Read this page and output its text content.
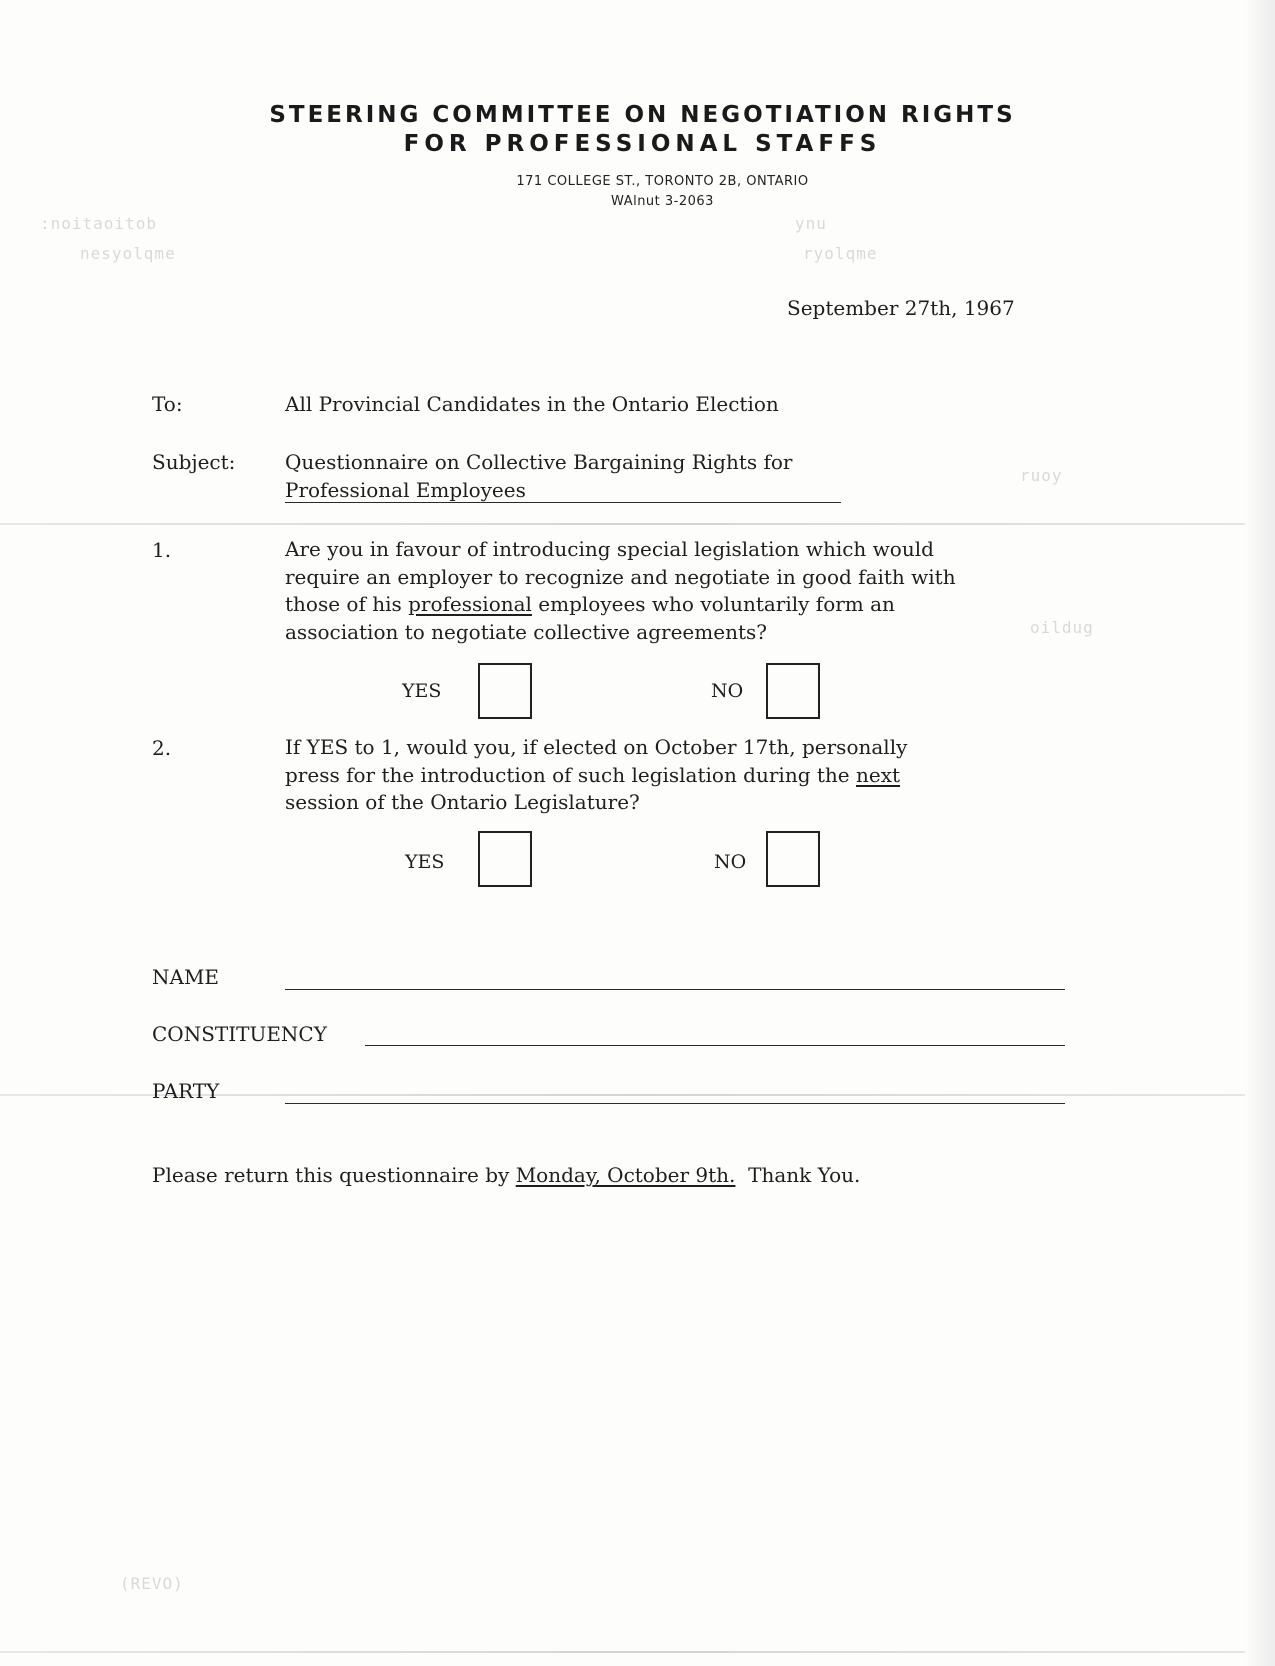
:noitaoitob                                                            ynu
nesyolqme                                                           ryolqme
ruoy
oildug
(REVO)
STEERING COMMITTEE ON NEGOTIATION RIGHTS
FOR PROFESSIONAL STAFFS
171 COLLEGE ST., TORONTO 2B, ONTARIO
WAlnut 3-2063
September 27th, 1967
To:	All Provincial Candidates in the Ontario Election
Subject: Questionnaire on Collective Bargaining Rights for
Professional Employees
1.	Are you in favour of introducing special legislation which would
require an employer to recognize and negotiate in good faith with
those of his professional employees who voluntarily form an
association to negotiate collective agreements?
YES	NO
2.	If YES to 1, would you, if elected on October 17th, personally
press for the introduction of such legislation during the next
session of the Ontario Legislature?
YES	NO
NAME
CONSTITUENCY
PARTY
Please return this questionnaire by Monday, October 9th. Thank You.
